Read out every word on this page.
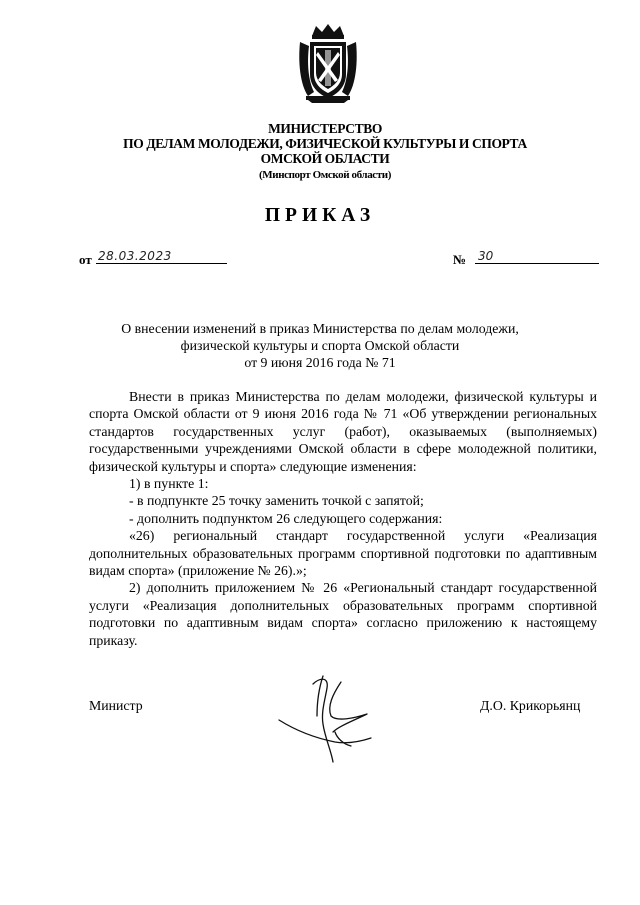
МИНИСТЕРСТВО
ПО ДЕЛАМ МОЛОДЕЖИ, ФИЗИЧЕСКОЙ КУЛЬТУРЫ И СПОРТА
ОМСКОЙ ОБЛАСТИ
(Минспорт Омской области)
ПРИКАЗ
от 28.03.2023	№ 30
О внесении изменений в приказ Министерства по делам молодежи,
физической культуры и спорта Омской области
от 9 июня 2016 года № 71

Внести в приказ Министерства по делам молодежи, физической культуры и спорта Омской области от 9 июня 2016 года № 71 «Об утверждении региональных стандартов государственных услуг (работ), оказываемых (выполняемых) государственными учреждениями Омской области в сфере молодежной политики, физической культуры и спорта» следующие изменения:

1) в пункте 1:

- в подпункте 25 точку заменить точкой с запятой;

- дополнить подпунктом 26 следующего содержания:

«26) региональный стандарт государственной услуги «Реализация дополнительных образовательных программ спортивной подготовки по адаптивным видам спорта» (приложение № 26).»;

2) дополнить приложением № 26 «Региональный стандарт государственной услуги «Реализация дополнительных образовательных программ спортивной подготовки по адаптивным видам спорта» согласно приложению к настоящему приказу.

Министр	Д.О. Крикорьянц
